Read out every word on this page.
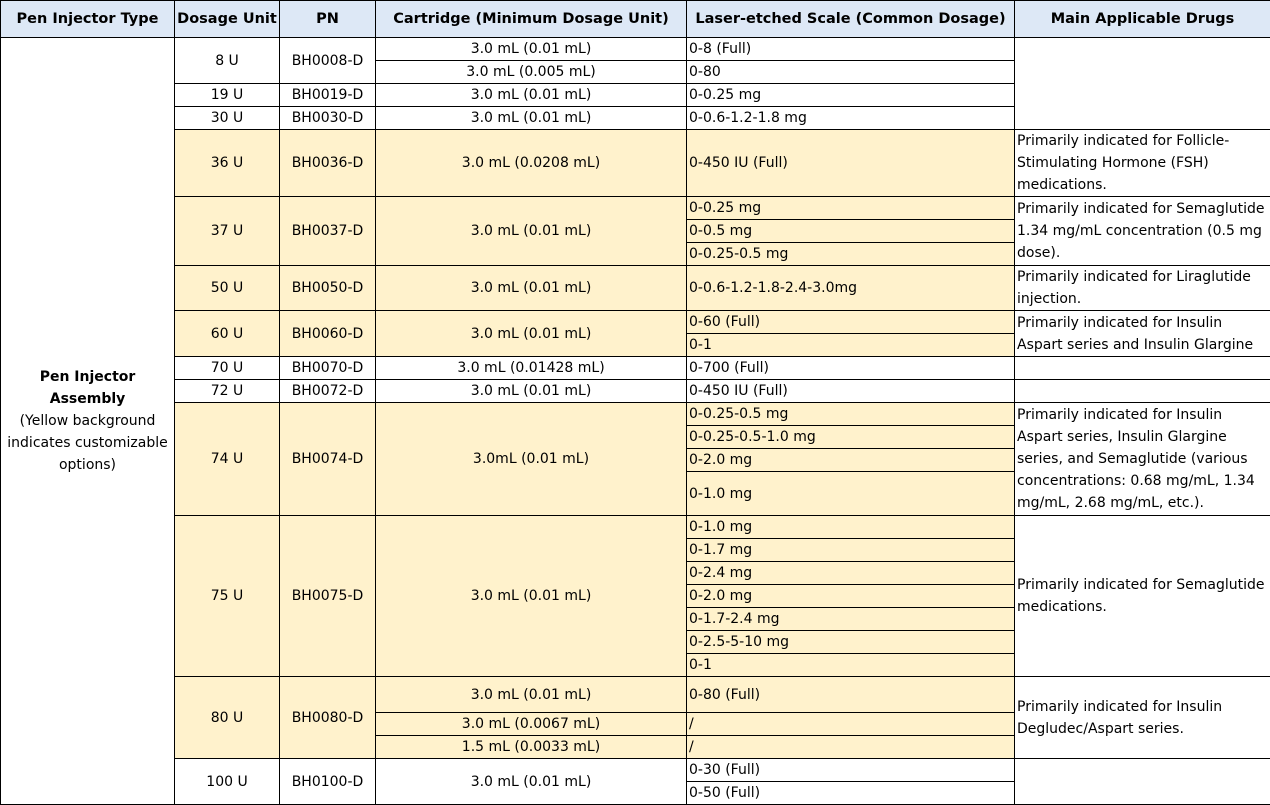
Pen Injector Type	Dosage Unit	PN	Cartridge (Minimum Dosage Unit)	Laser-etched Scale (Common Dosage)	Main Applicable Drugs
Pen Injector Assembly
(Yellow background indicates customizable options)	8 U	BH0008-D	3.0 mL (0.01 mL)	0-8 (Full)	
			3.0 mL (0.005 mL)	0-80	
	19 U	BH0019-D	3.0 mL (0.01 mL)	0-0.25 mg	
	30 U	BH0030-D	3.0 mL (0.01 mL)	0-0.6-1.2-1.8 mg	
	36 U	BH0036-D	3.0 mL (0.0208 mL)	0-450 IU (Full)	Primarily indicated for Follicle-Stimulating Hormone (FSH) medications.
	37 U	BH0037-D	3.0 mL (0.01 mL)	0-0.25 mg	Primarily indicated for Semaglutide 1.34 mg/mL concentration (0.5 mg dose).
				0-0.5 mg	
				0-0.25-0.5 mg	
	50 U	BH0050-D	3.0 mL (0.01 mL)	0-0.6-1.2-1.8-2.4-3.0mg	Primarily indicated for Liraglutide injection.
	60 U	BH0060-D	3.0 mL (0.01 mL)	0-60 (Full)	Primarily indicated for Insulin Aspart series and Insulin Glargine
				0-1	
	70 U	BH0070-D	3.0 mL (0.01428 mL)	0-700 (Full)	
	72 U	BH0072-D	3.0 mL (0.01 mL)	0-450 IU (Full)	
	74 U	BH0074-D	3.0mL (0.01 mL)	0-0.25-0.5 mg	Primarily indicated for Insulin Aspart series, Insulin Glargine series, and Semaglutide (various concentrations: 0.68 mg/mL, 1.34 mg/mL, 2.68 mg/mL, etc.).
				0-0.25-0.5-1.0 mg	
				0-2.0 mg	
				0-1.0 mg	
	75 U	BH0075-D	3.0 mL (0.01 mL)	0-1.0 mg	Primarily indicated for Semaglutide medications.
				0-1.7 mg	
				0-2.4 mg	
				0-2.0 mg	
				0-1.7-2.4 mg	
				0-2.5-5-10 mg	
				0-1	
	80 U	BH0080-D	3.0 mL (0.01 mL)	0-80 (Full)	Primarily indicated for Insulin Degludec/Aspart series.
			3.0 mL (0.0067 mL)	/	
			1.5 mL (0.0033 mL)	/	
	100 U	BH0100-D	3.0 mL (0.01 mL)	0-30 (Full)	
				0-50 (Full)	
